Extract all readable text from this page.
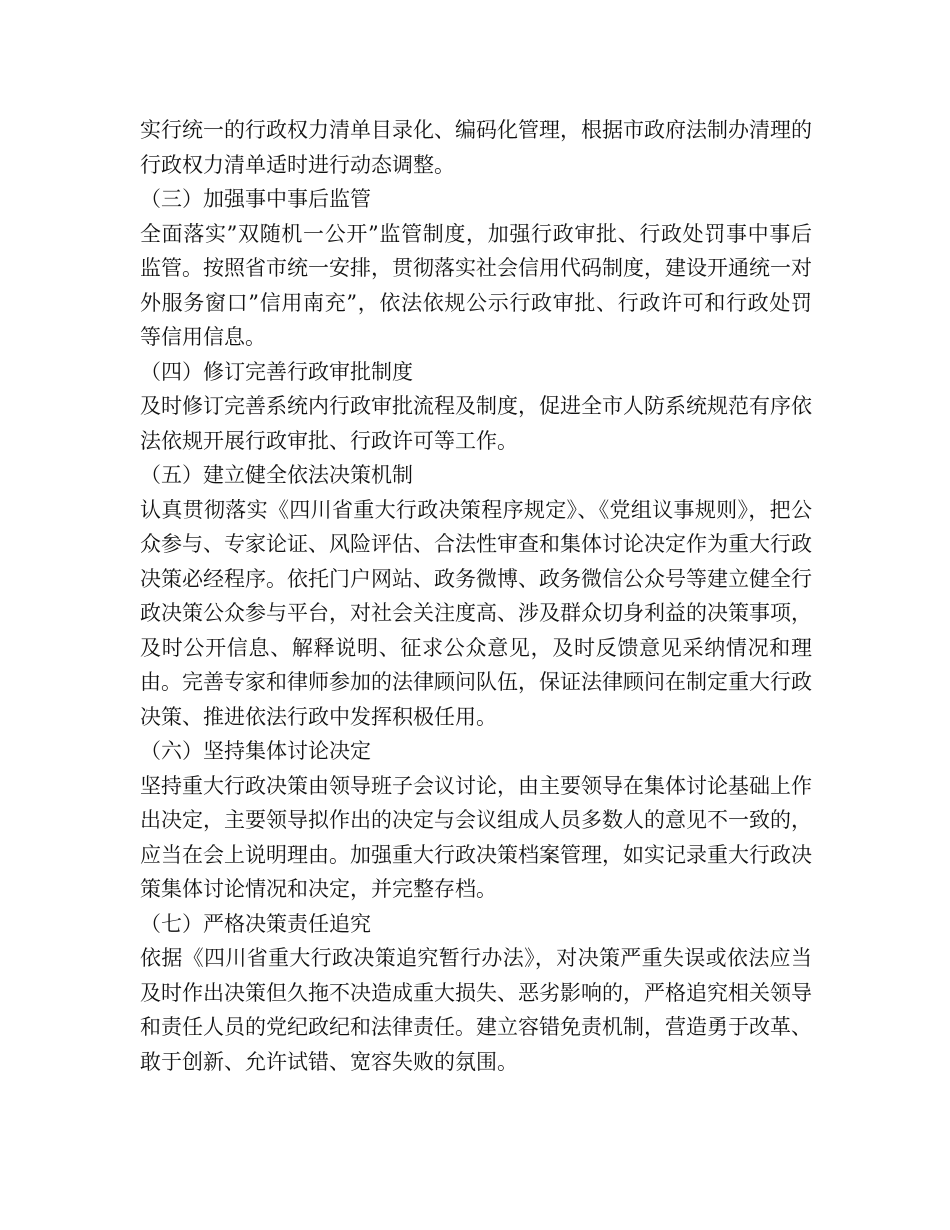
实行统一的行政权力清单目录化、编码化管理，根据市政府法制办清理的行政权力清单适时进行动态调整。

（三）加强事中事后监管

全面落实”双随机一公开”监管制度，加强行政审批、行政处罚事中事后监管。按照省市统一安排，贯彻落实社会信用代码制度，建设开通统一对外服务窗口”信用南充”，依法依规公示行政审批、行政许可和行政处罚等信用信息。

（四）修订完善行政审批制度

及时修订完善系统内行政审批流程及制度，促进全市人防系统规范有序依法依规开展行政审批、行政许可等工作。

（五）建立健全依法决策机制

认真贯彻落实《四川省重大行政决策程序规定》、《党组议事规则》，把公众参与、专家论证、风险评估、合法性审查和集体讨论决定作为重大行政决策必经程序。依托门户网站、政务微博、政务微信公众号等建立健全行政决策公众参与平台，对社会关注度高、涉及群众切身利益的决策事项，及时公开信息、解释说明、征求公众意见，及时反馈意见采纳情况和理由。完善专家和律师参加的法律顾问队伍，保证法律顾问在制定重大行政决策、推进依法行政中发挥积极任用。

（六）坚持集体讨论决定

坚持重大行政决策由领导班子会议讨论，由主要领导在集体讨论基础上作出决定，主要领导拟作出的决定与会议组成人员多数人的意见不一致的，应当在会上说明理由。加强重大行政决策档案管理，如实记录重大行政决策集体讨论情况和决定，并完整存档。

（七）严格决策责任追究

依据《四川省重大行政决策追究暂行办法》，对决策严重失误或依法应当及时作出决策但久拖不决造成重大损失、恶劣影响的，严格追究相关领导和责任人员的党纪政纪和法律责任。建立容错免责机制，营造勇于改革、敢于创新、允许试错、宽容失败的氛围。
